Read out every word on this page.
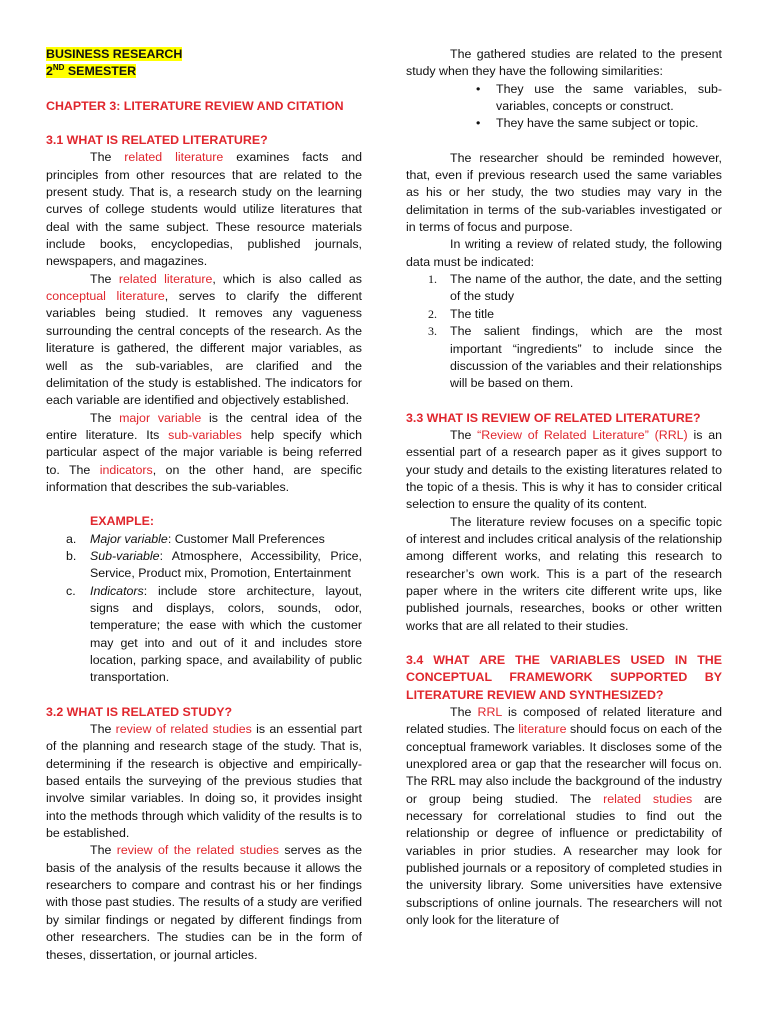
BUSINESS RESEARCH

2ND SEMESTER

CHAPTER 3: LITERATURE REVIEW AND CITATION

3.1 WHAT IS RELATED LITERATURE?

The related literature examines facts and principles from other resources that are related to the present study. That is, a research study on the learning curves of college students would utilize literatures that deal with the same subject. These resource materials include books, encyclopedias, published journals, newspapers, and magazines.

The related literature, which is also called as conceptual literature, serves to clarify the different variables being studied. It removes any vagueness surrounding the central concepts of the research. As the literature is gathered, the different major variables, as well as the sub-variables, are clarified and the delimitation of the study is established. The indicators for each variable are identified and objectively established.

The major variable is the central idea of the entire literature. Its sub-variables help specify which particular aspect of the major variable is being referred to. The indicators, on the other hand, are specific information that describes the sub-variables.

EXAMPLE:

a. Major variable: Customer Mall Preferences
b. Sub-variable: Atmosphere, Accessibility, Price, Service, Product mix, Promotion, Entertainment
c. Indicators: include store architecture, layout, signs and displays, colors, sounds, odor, temperature; the ease with which the customer may get into and out of it and includes store location, parking space, and availability of public transportation.

3.2 WHAT IS RELATED STUDY?

The review of related studies is an essential part of the planning and research stage of the study. That is, determining if the research is objective and empirically-based entails the surveying of the previous studies that involve similar variables. In doing so, it provides insight into the methods through which validity of the results is to be established.

The review of the related studies serves as the basis of the analysis of the results because it allows the researchers to compare and contrast his or her findings with those past studies. The results of a study are verified by similar findings or negated by different findings from other researchers. The studies can be in the form of theses, dissertation, or journal articles.

The gathered studies are related to the present study when they have the following similarities:

• They use the same variables, sub-variables, concepts or construct.
• They have the same subject or topic.

The researcher should be reminded however, that, even if previous research used the same variables as his or her study, the two studies may vary in the delimitation in terms of the sub-variables investigated or in terms of focus and purpose.

In writing a review of related study, the following data must be indicated:

1. The name of the author, the date, and the setting of the study
2. The title
3. The salient findings, which are the most important “ingredients” to include since the discussion of the variables and their relationships will be based on them.

3.3 WHAT IS REVIEW OF RELATED LITERATURE?

The “Review of Related Literature” (RRL) is an essential part of a research paper as it gives support to your study and details to the existing literatures related to the topic of a thesis. This is why it has to consider critical selection to ensure the quality of its content.

The literature review focuses on a specific topic of interest and includes critical analysis of the relationship among different works, and relating this research to researcher’s own work. This is a part of the research paper where in the writers cite different write ups, like published journals, researches, books or other written works that are all related to their studies.

3.4 WHAT ARE THE VARIABLES USED IN THE CONCEPTUAL FRAMEWORK SUPPORTED BY LITERATURE REVIEW AND SYNTHESIZED?

The RRL is composed of related literature and related studies. The literature should focus on each of the conceptual framework variables. It discloses some of the unexplored area or gap that the researcher will focus on. The RRL may also include the background of the industry or group being studied. The related studies are necessary for correlational studies to find out the relationship or degree of influence or predictability of variables in prior studies. A researcher may look for published journals or a repository of completed studies in the university library. Some universities have extensive subscriptions of online journals. The researchers will not only look for the literature of
